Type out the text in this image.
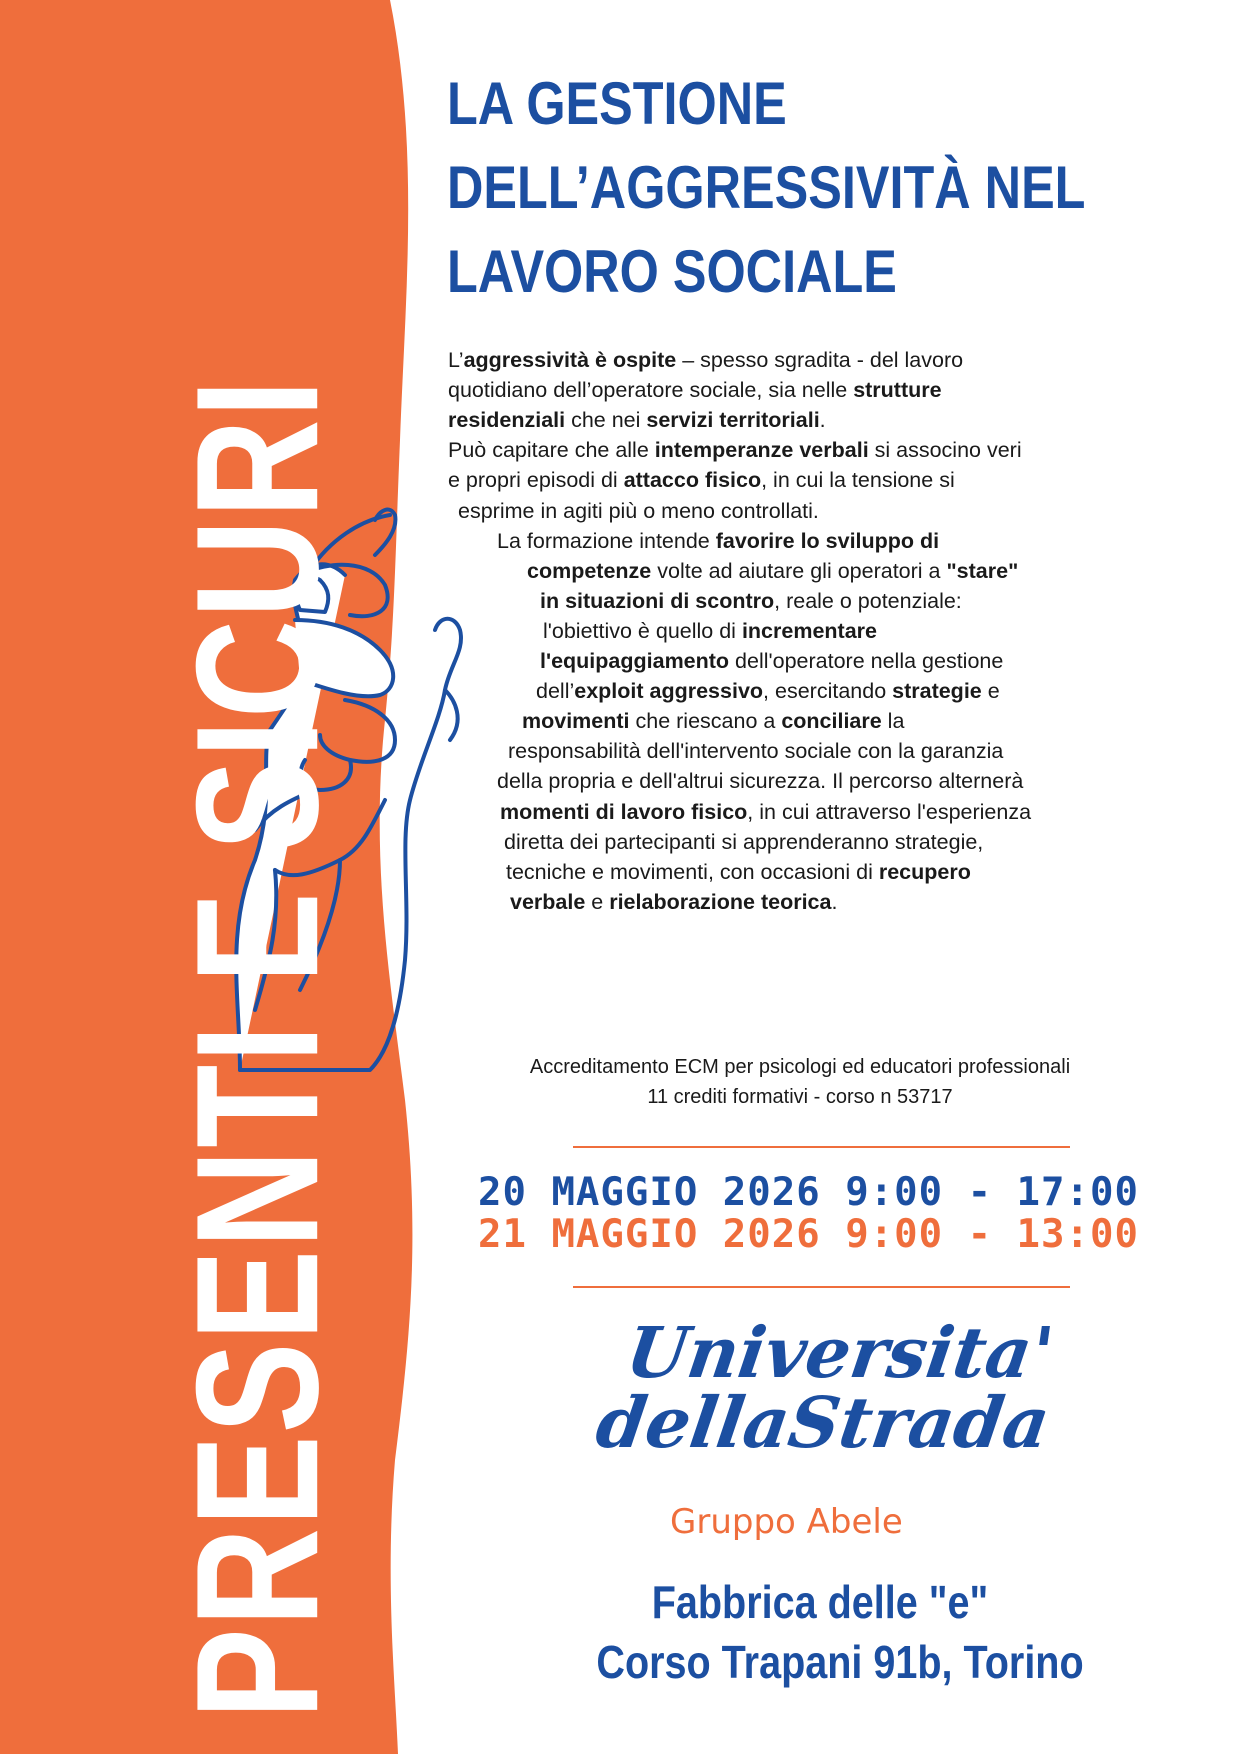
PRESENTI E SICURI
LA GESTIONE
DELL’AGGRESSIVITÀ NEL
LAVORO SOCIALE
L’aggressività è ospite – spesso sgradita - del lavoro
quotidiano dell’operatore sociale, sia nelle strutture
residenziali che nei servizi territoriali.
Può capitare che alle intemperanze verbali si associno veri
e propri episodi di attacco fisico, in cui la tensione si
esprime in agiti più o meno controllati.
La formazione intende favorire lo sviluppo di
competenze volte ad aiutare gli operatori a "stare"
in situazioni di scontro, reale o potenziale:
l'obiettivo è quello di incrementare
l'equipaggiamento dell'operatore nella gestione
dell’exploit aggressivo, esercitando strategie e
movimenti che riescano a conciliare la
responsabilità dell'intervento sociale con la garanzia
della propria e dell'altrui sicurezza. Il percorso alternerà
momenti di lavoro fisico, in cui attraverso l'esperienza
diretta dei partecipanti si apprenderanno strategie,
tecniche e movimenti, con occasioni di recupero
verbale e rielaborazione teorica.
Accreditamento ECM per psicologi ed educatori professionali
11 crediti formativi - corso n 53717
20 MAGGIO 2026 9:00 - 17:00
21 MAGGIO 2026 9:00 - 13:00
Universita'
dellaStrada
Gruppo Abele
Fabbrica delle "e"
Corso Trapani 91b, Torino
